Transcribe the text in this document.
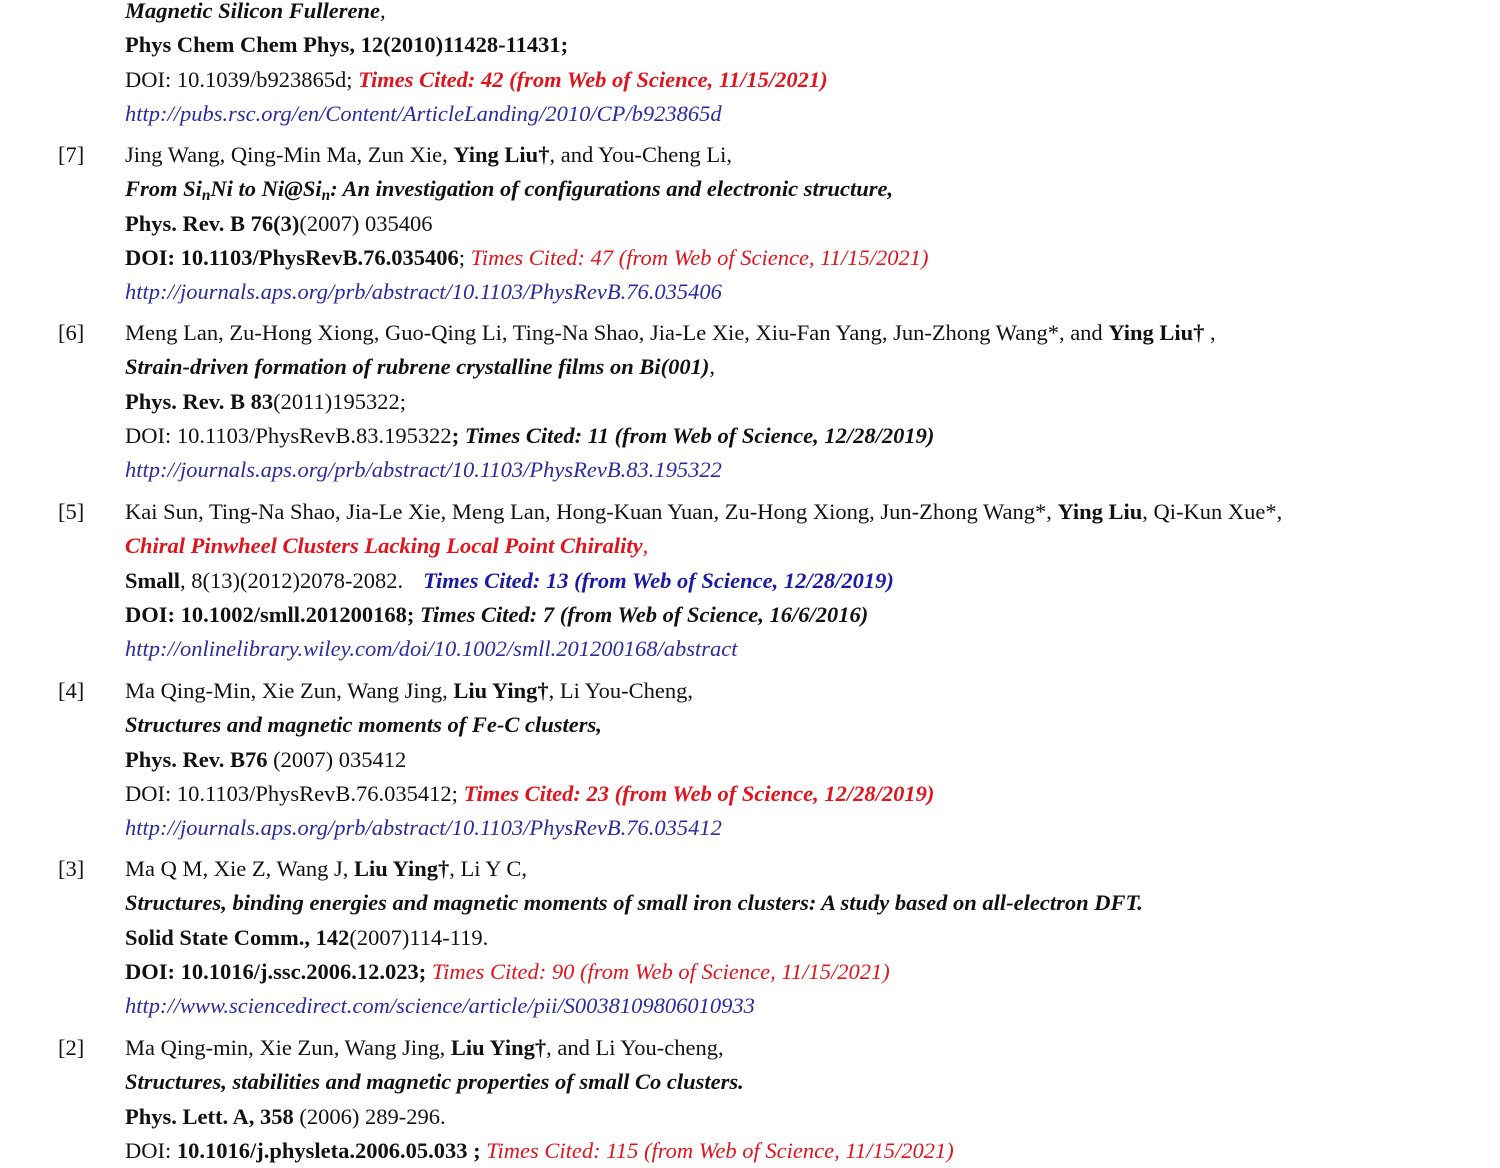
Magnetic Silicon Fullerene,
Phys Chem Chem Phys, 12(2010)11428-11431;
DOI: 10.1039/b923865d; Times Cited: 42 (from Web of Science, 11/15/2021)
http://pubs.rsc.org/en/Content/ArticleLanding/2010/CP/b923865d
[7] Jing Wang, Qing-Min Ma, Zun Xie, Ying Liu†, and You-Cheng Li,
From $Si_nNi$ to $Ni@Si_n$: An investigation of configurations and electronic structure,
Phys. Rev. B 76(3)(2007) 035406
DOI: 10.1103/PhysRevB.76.035406; Times Cited: 47 (from Web of Science, 11/15/2021)
http://journals.aps.org/prb/abstract/10.1103/PhysRevB.76.035406
[6] Meng Lan, Zu-Hong Xiong, Guo-Qing Li, Ting-Na Shao, Jia-Le Xie, Xiu-Fan Yang, Jun-Zhong Wang*, and Ying Liu† ,
Strain-driven formation of rubrene crystalline films on Bi(001),
Phys. Rev. B 83(2011)195322;
DOI: 10.1103/PhysRevB.83.195322; Times Cited: 11 (from Web of Science, 12/28/2019)
http://journals.aps.org/prb/abstract/10.1103/PhysRevB.83.195322
[5] Kai Sun, Ting-Na Shao, Jia-Le Xie, Meng Lan, Hong-Kuan Yuan, Zu-Hong Xiong, Jun-Zhong Wang*, Ying Liu, Qi-Kun Xue*,
Chiral Pinwheel Clusters Lacking Local Point Chirality,
Small, 8(13)(2012)2078-2082. Times Cited: 13 (from Web of Science, 12/28/2019)
DOI: 10.1002/smll.201200168; Times Cited: 7 (from Web of Science, 16/6/2016)
http://onlinelibrary.wiley.com/doi/10.1002/smll.201200168/abstract
[4] Ma Qing-Min, Xie Zun, Wang Jing, Liu Ying†, Li You-Cheng,
Structures and magnetic moments of Fe-C clusters,
Phys. Rev. B76 (2007) 035412
DOI: 10.1103/PhysRevB.76.035412; Times Cited: 23 (from Web of Science, 12/28/2019)
http://journals.aps.org/prb/abstract/10.1103/PhysRevB.76.035412
[3] Ma Q M, Xie Z, Wang J, Liu Ying†, Li Y C,
Structures, binding energies and magnetic moments of small iron clusters: A study based on all-electron DFT.
Solid State Comm., 142(2007)114-119.
DOI: 10.1016/j.ssc.2006.12.023; Times Cited: 90 (from Web of Science, 11/15/2021)
http://www.sciencedirect.com/science/article/pii/S0038109806010933
[2] Ma Qing-min, Xie Zun, Wang Jing, Liu Ying†, and Li You-cheng,
Structures, stabilities and magnetic properties of small Co clusters.
Phys. Lett. A, 358 (2006) 289-296.
DOI: 10.1016/j.physleta.2006.05.033 ; Times Cited: 115 (from Web of Science, 11/15/2021)
